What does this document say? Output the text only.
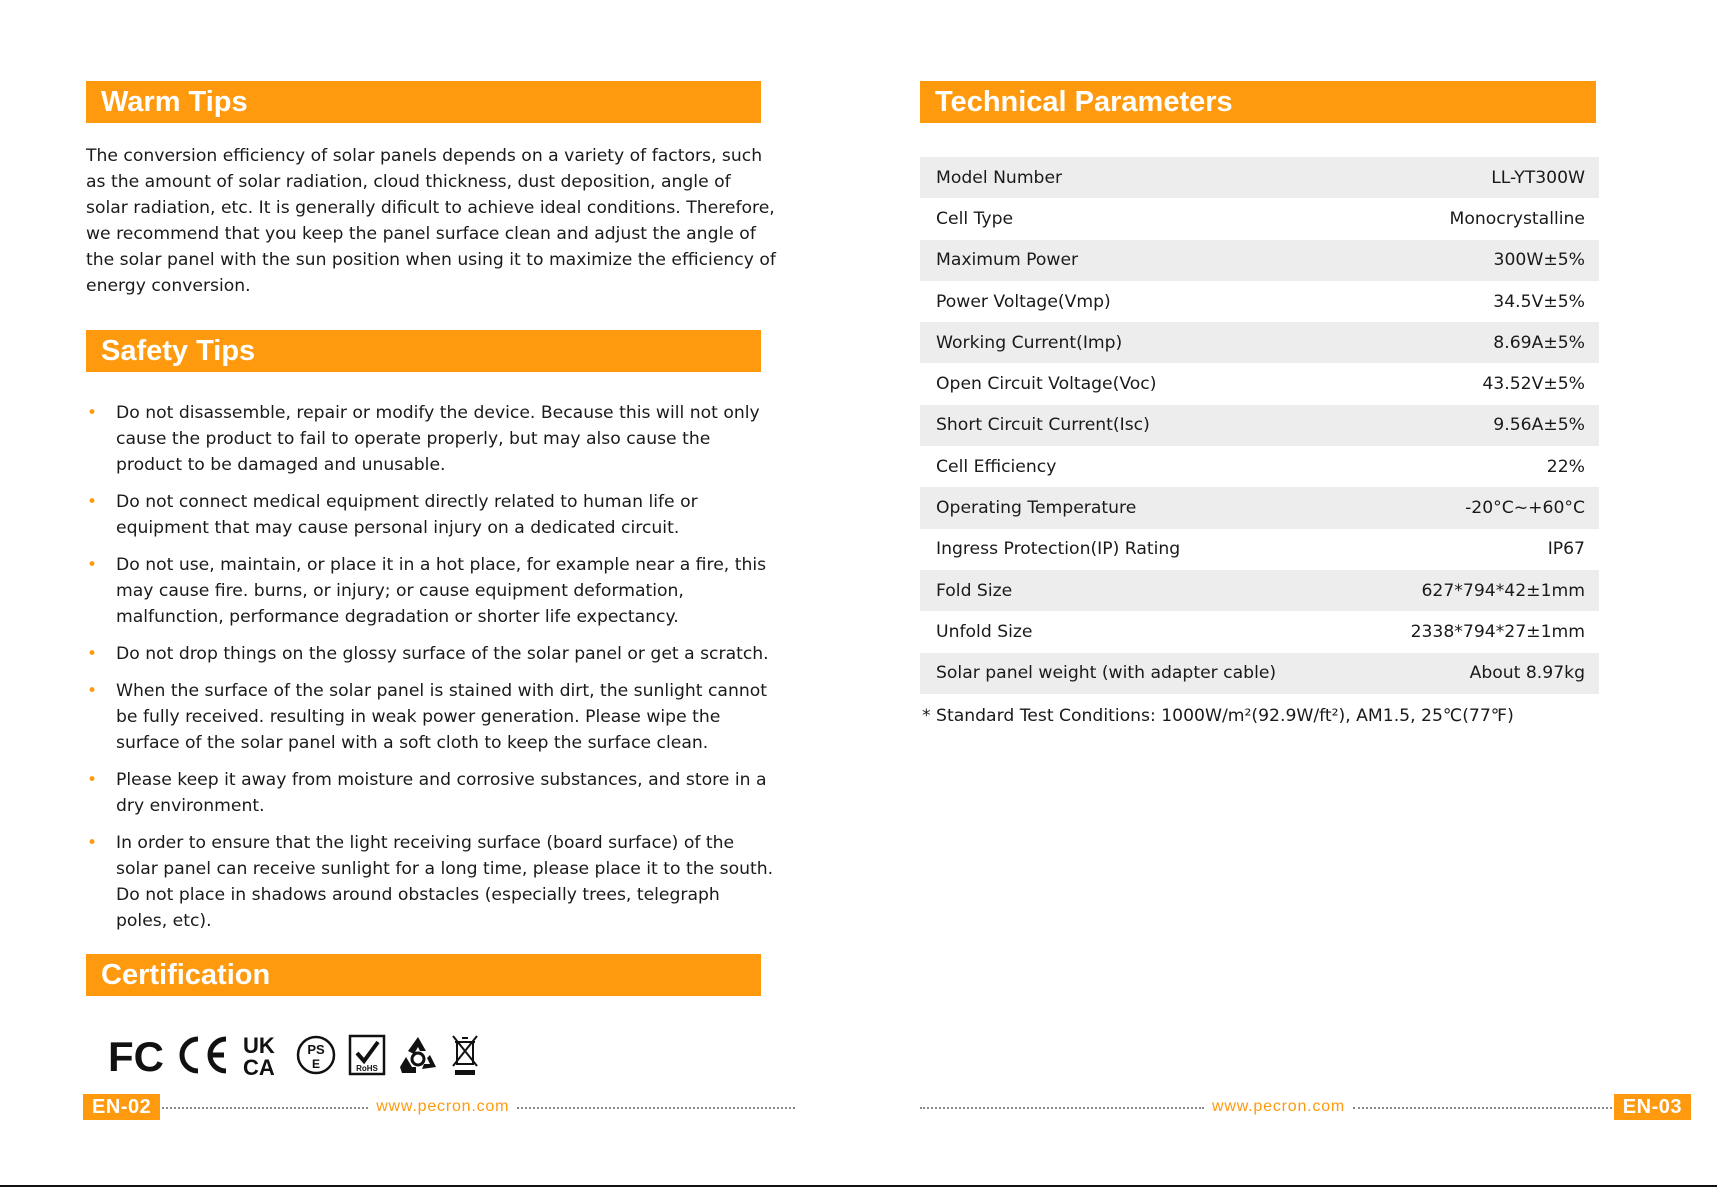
Warm Tips
The conversion efficiency of solar panels depends on a variety of factors, such as the amount of solar radiation, cloud thickness, dust deposition, angle of solar radiation, etc. It is generally dificult to achieve ideal conditions. Therefore, we recommend that you keep the panel surface clean and adjust the angle of the solar panel with the sun position when using it to maximize the efficiency of energy conversion.
Safety Tips
• Do not disassemble, repair or modify the device. Because this will not only cause the product to fail to operate properly, but may also cause the product to be damaged and unusable.
• Do not connect medical equipment directly related to human life or equipment that may cause personal injury on a dedicated circuit.
• Do not use, maintain, or place it in a hot place, for example near a fire, this may cause fire. burns, or injury; or cause equipment deformation, malfunction, performance degradation or shorter life expectancy.
• Do not drop things on the glossy surface of the solar panel or get a scratch.
• When the surface of the solar panel is stained with dirt, the sunlight cannot be fully received. resulting in weak power generation. Please wipe the surface of the solar panel with a soft cloth to keep the surface clean.
• Please keep it away from moisture and corrosive substances, and store in a dry environment.
• In order to ensure that the light receiving surface (board surface) of the solar panel can receive sunlight for a long time, please place it to the south. Do not place in shadows around obstacles (especially trees, telegraph poles, etc).
Certification
FC	UK
CA
PS
E	RoHS
EN-02	www.pecron.com
Technical Parameters
Model Number	LL-YT300W
Cell Type	Monocrystalline
Maximum Power	300W±5%
Power Voltage(Vmp)	34.5V±5%
Working Current(Imp)	8.69A±5%
Open Circuit Voltage(Voc)	43.52V±5%
Short Circuit Current(Isc)	9.56A±5%
Cell Efficiency	22%
Operating Temperature	-20°C~+60°C
Ingress Protection(IP) Rating	IP67
Fold Size	627*794*42±1mm
Unfold Size	2338*794*27±1mm
Solar panel weight (with adapter cable)	About 8.97kg
* Standard Test Conditions: 1000W/m²(92.9W/ft²), AM1.5, 25℃(77℉)
www.pecron.com	EN-03
